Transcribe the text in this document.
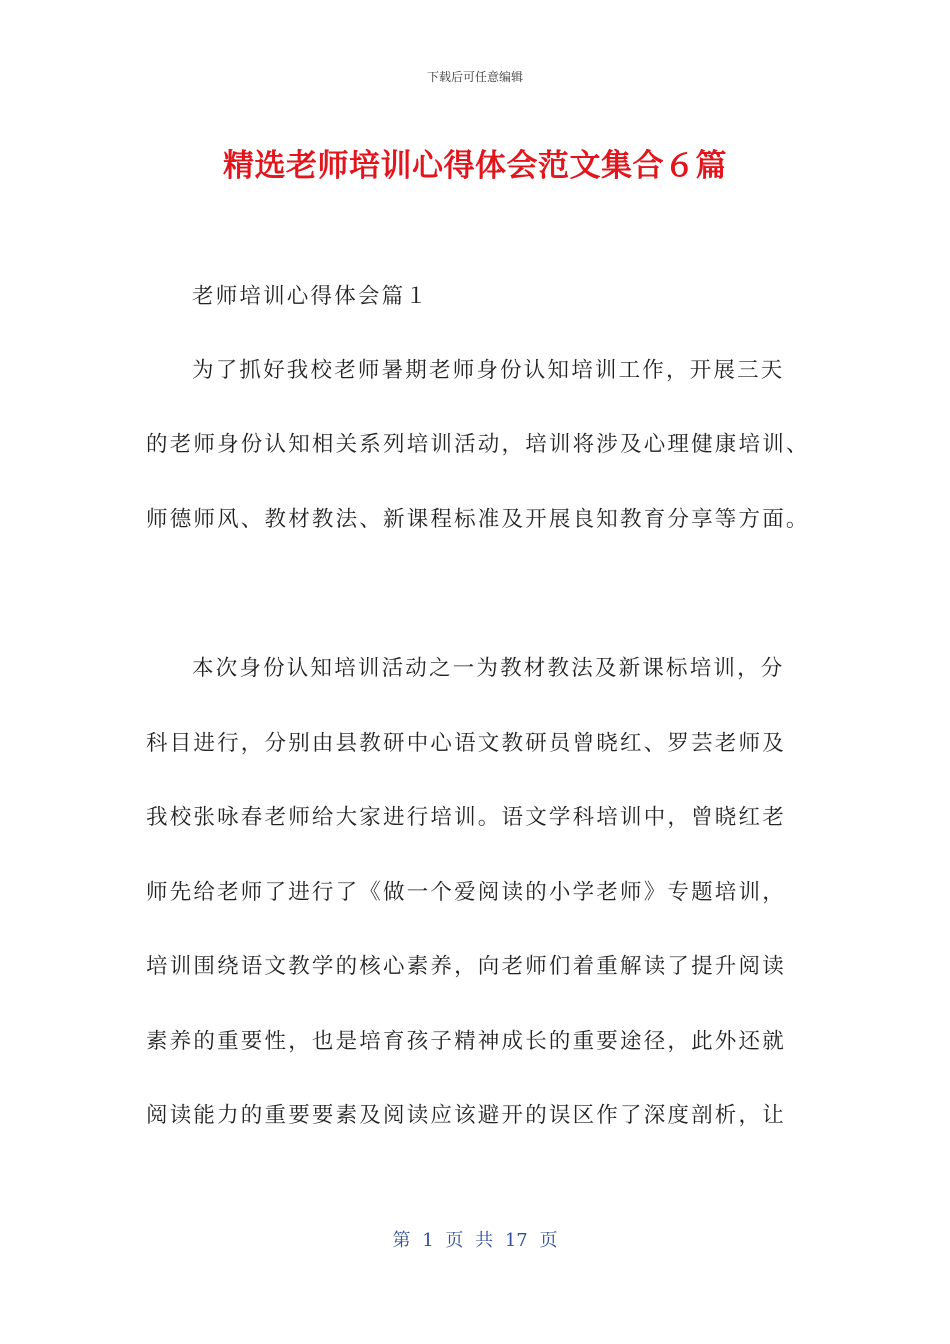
下载后可任意编辑
精选老师培训心得体会范文集合６篇
老师培训心得体会篇１
为了抓好我校老师暑期老师身份认知培训工作，开展三天
的老师身份认知相关系列培训活动，培训将涉及心理健康培训、
师德师风、教材教法、新课程标准及开展良知教育分享等方面。
本次身份认知培训活动之一为教材教法及新课标培训，分
科目进行，分别由县教研中心语文教研员曾晓红、罗芸老师及
我校张咏春老师给大家进行培训。语文学科培训中，曾晓红老
师先给老师了进行了《做一个爱阅读的小学老师》专题培训，
培训围绕语文教学的核心素养，向老师们着重解读了提升阅读
素养的重要性，也是培育孩子精神成长的重要途径，此外还就
阅读能力的重要要素及阅读应该避开的误区作了深度剖析，让
第 1 页 共 17 页
